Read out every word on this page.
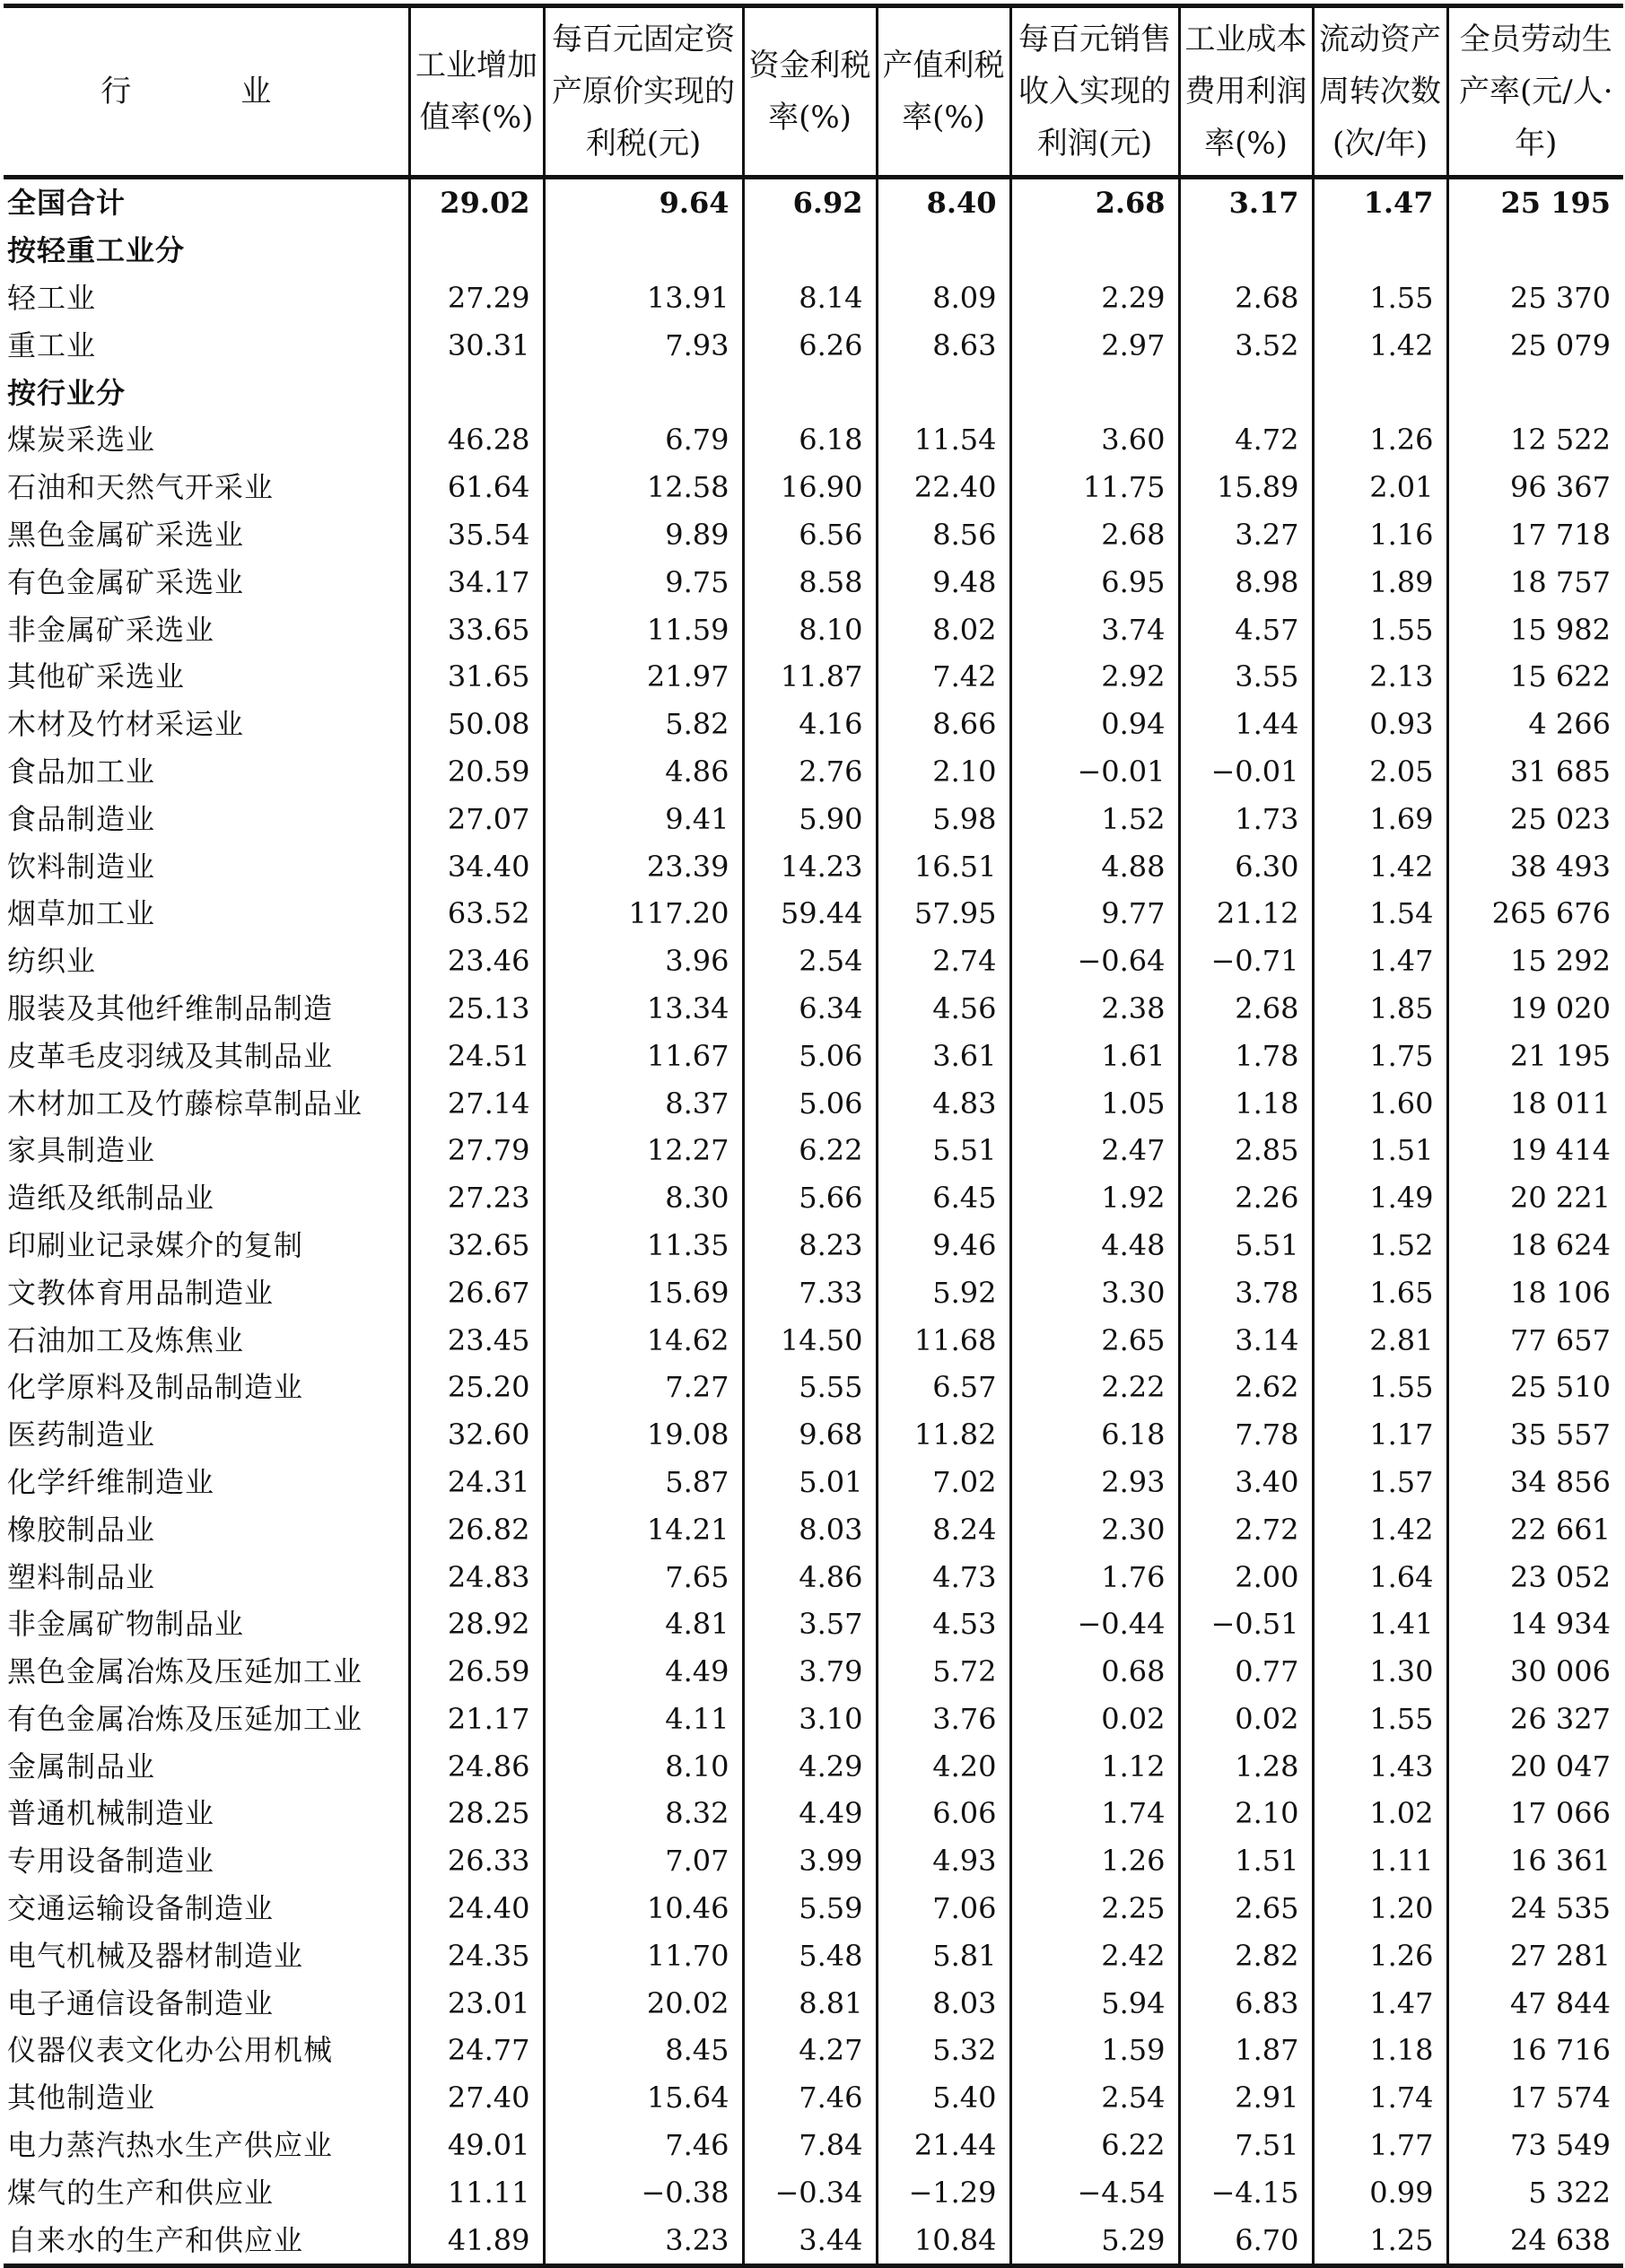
行　业	工业增加值率(%)	每百元固定资产原价实现的利税(元)	资金利税率(%)	产值利税率(%)	每百元销售收入实现的利润(元)	工业成本费用利润率(%)	流动资产周转次数(次/年)	全员劳动生产率(元/人·年)
全国合计	29.02	9.64	6.92	8.40	2.68	3.17	1.47	25 195
按轻重工业分								
轻工业	27.29	13.91	8.14	8.09	2.29	2.68	1.55	25 370
重工业	30.31	7.93	6.26	8.63	2.97	3.52	1.42	25 079
按行业分								
煤炭采选业	46.28	6.79	6.18	11.54	3.60	4.72	1.26	12 522
石油和天然气开采业	61.64	12.58	16.90	22.40	11.75	15.89	2.01	96 367
黑色金属矿采选业	35.54	9.89	6.56	8.56	2.68	3.27	1.16	17 718
有色金属矿采选业	34.17	9.75	8.58	9.48	6.95	8.98	1.89	18 757
非金属矿采选业	33.65	11.59	8.10	8.02	3.74	4.57	1.55	15 982
其他矿采选业	31.65	21.97	11.87	7.42	2.92	3.55	2.13	15 622
木材及竹材采运业	50.08	5.82	4.16	8.66	0.94	1.44	0.93	4 266
食品加工业	20.59	4.86	2.76	2.10	−0.01	−0.01	2.05	31 685
食品制造业	27.07	9.41	5.90	5.98	1.52	1.73	1.69	25 023
饮料制造业	34.40	23.39	14.23	16.51	4.88	6.30	1.42	38 493
烟草加工业	63.52	117.20	59.44	57.95	9.77	21.12	1.54	265 676
纺织业	23.46	3.96	2.54	2.74	−0.64	−0.71	1.47	15 292
服装及其他纤维制品制造	25.13	13.34	6.34	4.56	2.38	2.68	1.85	19 020
皮革毛皮羽绒及其制品业	24.51	11.67	5.06	3.61	1.61	1.78	1.75	21 195
木材加工及竹藤棕草制品业	27.14	8.37	5.06	4.83	1.05	1.18	1.60	18 011
家具制造业	27.79	12.27	6.22	5.51	2.47	2.85	1.51	19 414
造纸及纸制品业	27.23	8.30	5.66	6.45	1.92	2.26	1.49	20 221
印刷业记录媒介的复制	32.65	11.35	8.23	9.46	4.48	5.51	1.52	18 624
文教体育用品制造业	26.67	15.69	7.33	5.92	3.30	3.78	1.65	18 106
石油加工及炼焦业	23.45	14.62	14.50	11.68	2.65	3.14	2.81	77 657
化学原料及制品制造业	25.20	7.27	5.55	6.57	2.22	2.62	1.55	25 510
医药制造业	32.60	19.08	9.68	11.82	6.18	7.78	1.17	35 557
化学纤维制造业	24.31	5.87	5.01	7.02	2.93	3.40	1.57	34 856
橡胶制品业	26.82	14.21	8.03	8.24	2.30	2.72	1.42	22 661
塑料制品业	24.83	7.65	4.86	4.73	1.76	2.00	1.64	23 052
非金属矿物制品业	28.92	4.81	3.57	4.53	−0.44	−0.51	1.41	14 934
黑色金属冶炼及压延加工业	26.59	4.49	3.79	5.72	0.68	0.77	1.30	30 006
有色金属冶炼及压延加工业	21.17	4.11	3.10	3.76	0.02	0.02	1.55	26 327
金属制品业	24.86	8.10	4.29	4.20	1.12	1.28	1.43	20 047
普通机械制造业	28.25	8.32	4.49	6.06	1.74	2.10	1.02	17 066
专用设备制造业	26.33	7.07	3.99	4.93	1.26	1.51	1.11	16 361
交通运输设备制造业	24.40	10.46	5.59	7.06	2.25	2.65	1.20	24 535
电气机械及器材制造业	24.35	11.70	5.48	5.81	2.42	2.82	1.26	27 281
电子通信设备制造业	23.01	20.02	8.81	8.03	5.94	6.83	1.47	47 844
仪器仪表文化办公用机械	24.77	8.45	4.27	5.32	1.59	1.87	1.18	16 716
其他制造业	27.40	15.64	7.46	5.40	2.54	2.91	1.74	17 574
电力蒸汽热水生产供应业	49.01	7.46	7.84	21.44	6.22	7.51	1.77	73 549
煤气的生产和供应业	11.11	−0.38	−0.34	−1.29	−4.54	−4.15	0.99	5 322
自来水的生产和供应业	41.89	3.23	3.44	10.84	5.29	6.70	1.25	24 638
